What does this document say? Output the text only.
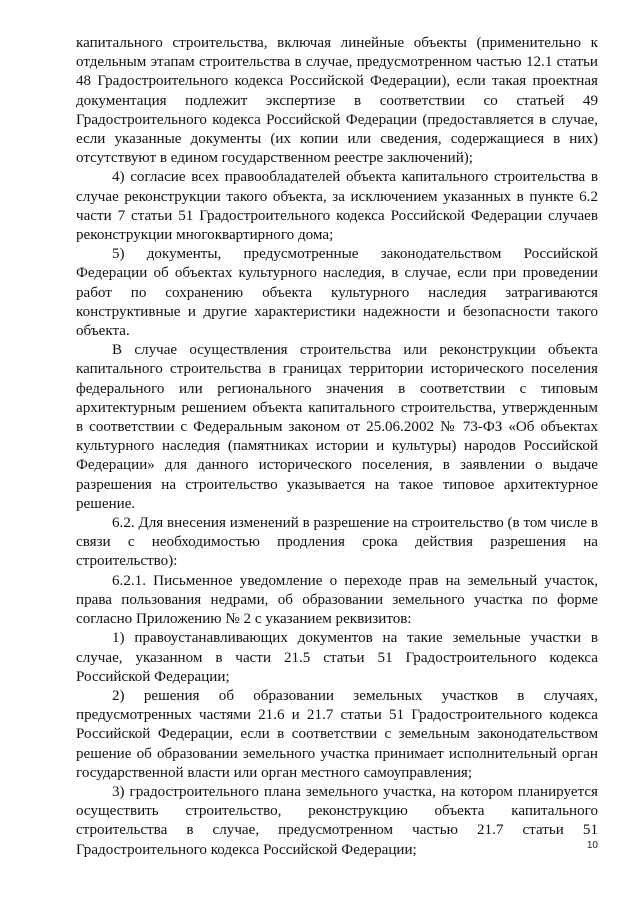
капитального строительства, включая линейные объекты (применительно к отдельным этапам строительства в случае, предусмотренном частью 12.1 статьи 48 Градостроительного кодекса Российской Федерации), если такая проектная документация подлежит экспертизе в соответствии со статьей 49 Градостроительного кодекса Российской Федерации (предоставляется в случае, если указанные документы (их копии или сведения, содержащиеся в них) отсутствуют в едином государственном реестре заключений);

4) согласие всех правообладателей объекта капитального строительства в случае реконструкции такого объекта, за исключением указанных в пункте 6.2 части 7 статьи 51 Градостроительного кодекса Российской Федерации случаев реконструкции многоквартирного дома;

5) документы, предусмотренные законодательством Российской Федерации об объектах культурного наследия, в случае, если при проведении работ по сохранению объекта культурного наследия затрагиваются конструктивные и другие характеристики надежности и безопасности такого объекта.

В случае осуществления строительства или реконструкции объекта капитального строительства в границах территории исторического поселения федерального или регионального значения в соответствии с типовым архитектурным решением объекта капитального строительства, утвержденным в соответствии с Федеральным законом от 25.06.2002 № 73-ФЗ «Об объектах культурного наследия (памятниках истории и культуры) народов Российской Федерации» для данного исторического поселения, в заявлении о выдаче разрешения на строительство указывается на такое типовое архитектурное решение.

6.2. Для внесения изменений в разрешение на строительство (в том числе в связи с необходимостью продления срока действия разрешения на строительство):

6.2.1. Письменное уведомление о переходе прав на земельный участок, права пользования недрами, об образовании земельного участка по форме согласно Приложению № 2 с указанием реквизитов:

1) правоустанавливающих документов на такие земельные участки в случае, указанном в части 21.5 статьи 51 Градостроительного кодекса Российской Федерации;

2) решения об образовании земельных участков в случаях, предусмотренных частями 21.6 и 21.7 статьи 51 Градостроительного кодекса Российской Федерации, если в соответствии с земельным законодательством решение об образовании земельного участка принимает исполнительный орган государственной власти или орган местного самоуправления;

3) градостроительного плана земельного участка, на котором планируется осуществить строительство, реконструкцию объекта капитального строительства в случае, предусмотренном частью 21.7 статьи 51 Градостроительного кодекса Российской Федерации;	10
